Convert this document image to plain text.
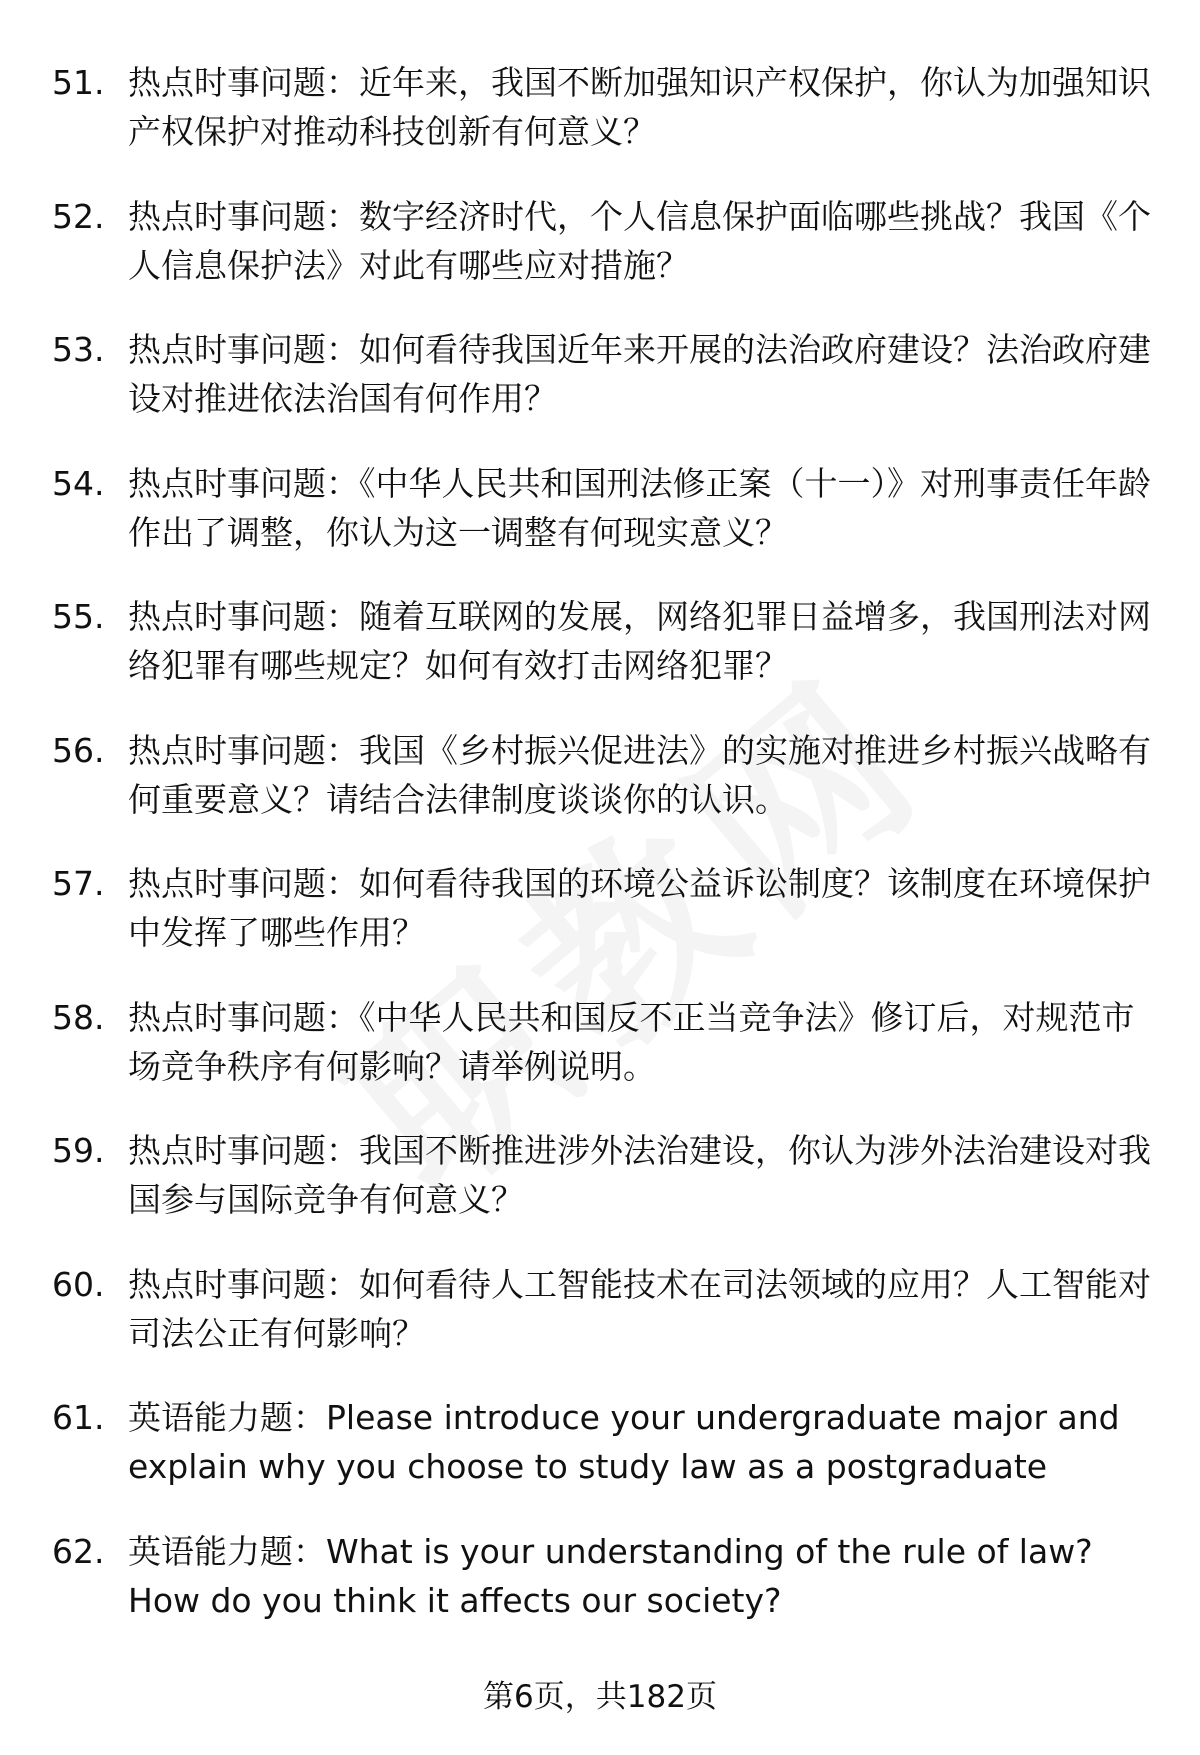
51. 热点时事问题：近年来，我国不断加强知识产权保护，你认为加强知识产权保护对推动科技创新有何意义？
52. 热点时事问题：数字经济时代，个人信息保护面临哪些挑战？我国《个人信息保护法》对此有哪些应对措施？
53. 热点时事问题：如何看待我国近年来开展的法治政府建设？法治政府建设对推进依法治国有何作用？
54. 热点时事问题：《中华人民共和国刑法修正案（十一）》对刑事责任年龄作出了调整，你认为这一调整有何现实意义？
55. 热点时事问题：随着互联网的发展，网络犯罪日益增多，我国刑法对网络犯罪有哪些规定？如何有效打击网络犯罪？
56. 热点时事问题：我国《乡村振兴促进法》的实施对推进乡村振兴战略有何重要意义？请结合法律制度谈谈你的认识。
57. 热点时事问题：如何看待我国的环境公益诉讼制度？该制度在环境保护中发挥了哪些作用？
58. 热点时事问题：《中华人民共和国反不正当竞争法》修订后，对规范市场竞争秩序有何影响？请举例说明。
59. 热点时事问题：我国不断推进涉外法治建设，你认为涉外法治建设对我国参与国际竞争有何意义？
60. 热点时事问题：如何看待人工智能技术在司法领域的应用？人工智能对司法公正有何影响？
61. 英语能力题：Please introduce your undergraduate major and explain why you choose to study law as a postgraduate
62. 英语能力题：What is your understanding of the rule of law? How do you think it affects our society?
第6页，共182页
